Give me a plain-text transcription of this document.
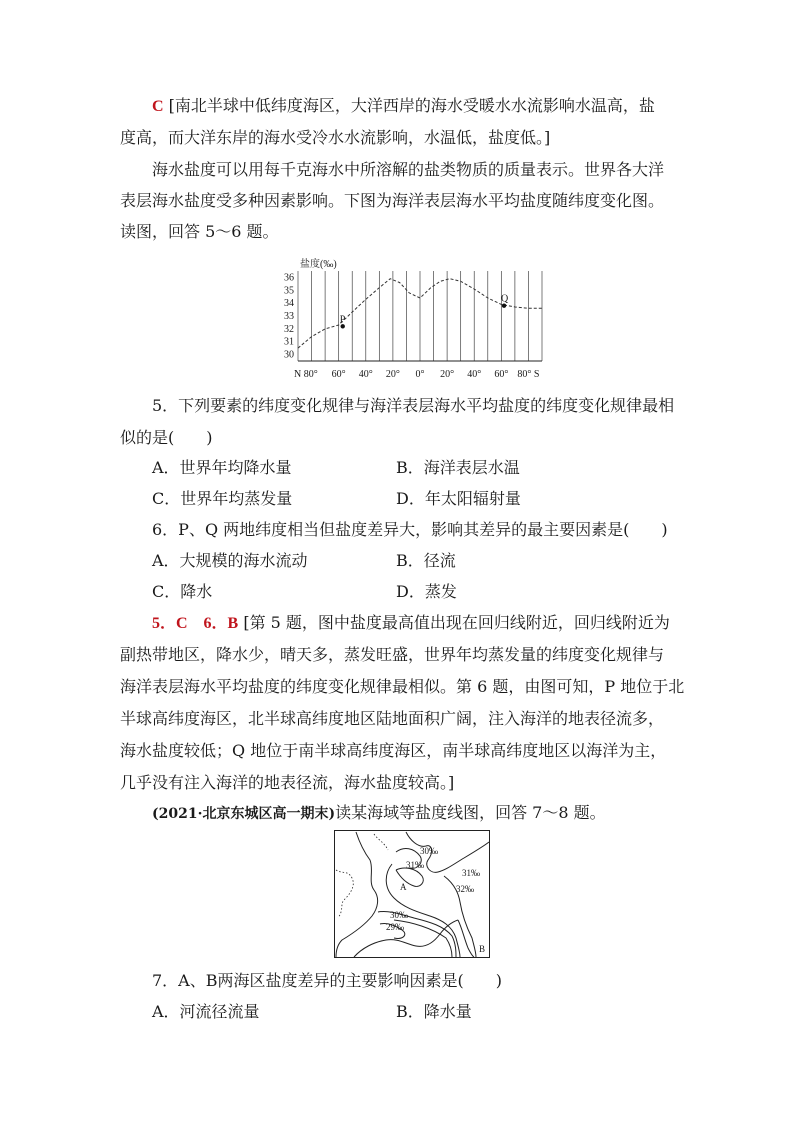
C [南北半球中低纬度海区，大洋西岸的海水受暖水水流影响水温高，盐
度高，而大洋东岸的海水受冷水水流影响，水温低，盐度低。]
海水盐度可以用每千克海水中所溶解的盐类物质的质量表示。世界各大洋
表层海水盐度受多种因素影响。下图为海洋表层海水平均盐度随纬度变化图。
读图，回答 5～6 题。
盐度(‰)
36
35
34
33
32
31
30
N 80° 60° 40° 20° 0° 20° 40° 60° 80° S
P
Q
5．下列要素的纬度变化规律与海洋表层海水平均盐度的纬度变化规律最相
似的是(　　)
A．世界年均降水量	B．海洋表层水温
C．世界年均蒸发量	D．年太阳辐射量
6．P、Q 两地纬度相当但盐度差异大，影响其差异的最主要因素是(　　)
A．大规模的海水流动	B．径流
C．降水	D．蒸发
5．C　6．B [第 5 题，图中盐度最高值出现在回归线附近，回归线附近为
副热带地区，降水少，晴天多，蒸发旺盛，世界年均蒸发量的纬度变化规律与
海洋表层海水平均盐度的纬度变化规律最相似。第 6 题，由图可知，P 地位于北
半球高纬度海区，北半球高纬度地区陆地面积广阔，注入海洋的地表径流多，
海水盐度较低；Q 地位于南半球高纬度海区，南半球高纬度地区以海洋为主，
几乎没有注入海洋的地表径流，海水盐度较高。]
(2021·北京东城区高一期末)读某海域等盐度线图，回答 7～8 题。
30‰
31‰
31‰
32‰
30‰
29‰
A
B
7．A、B两海区盐度差异的主要影响因素是(　　)
A．河流径流量	B．降水量
